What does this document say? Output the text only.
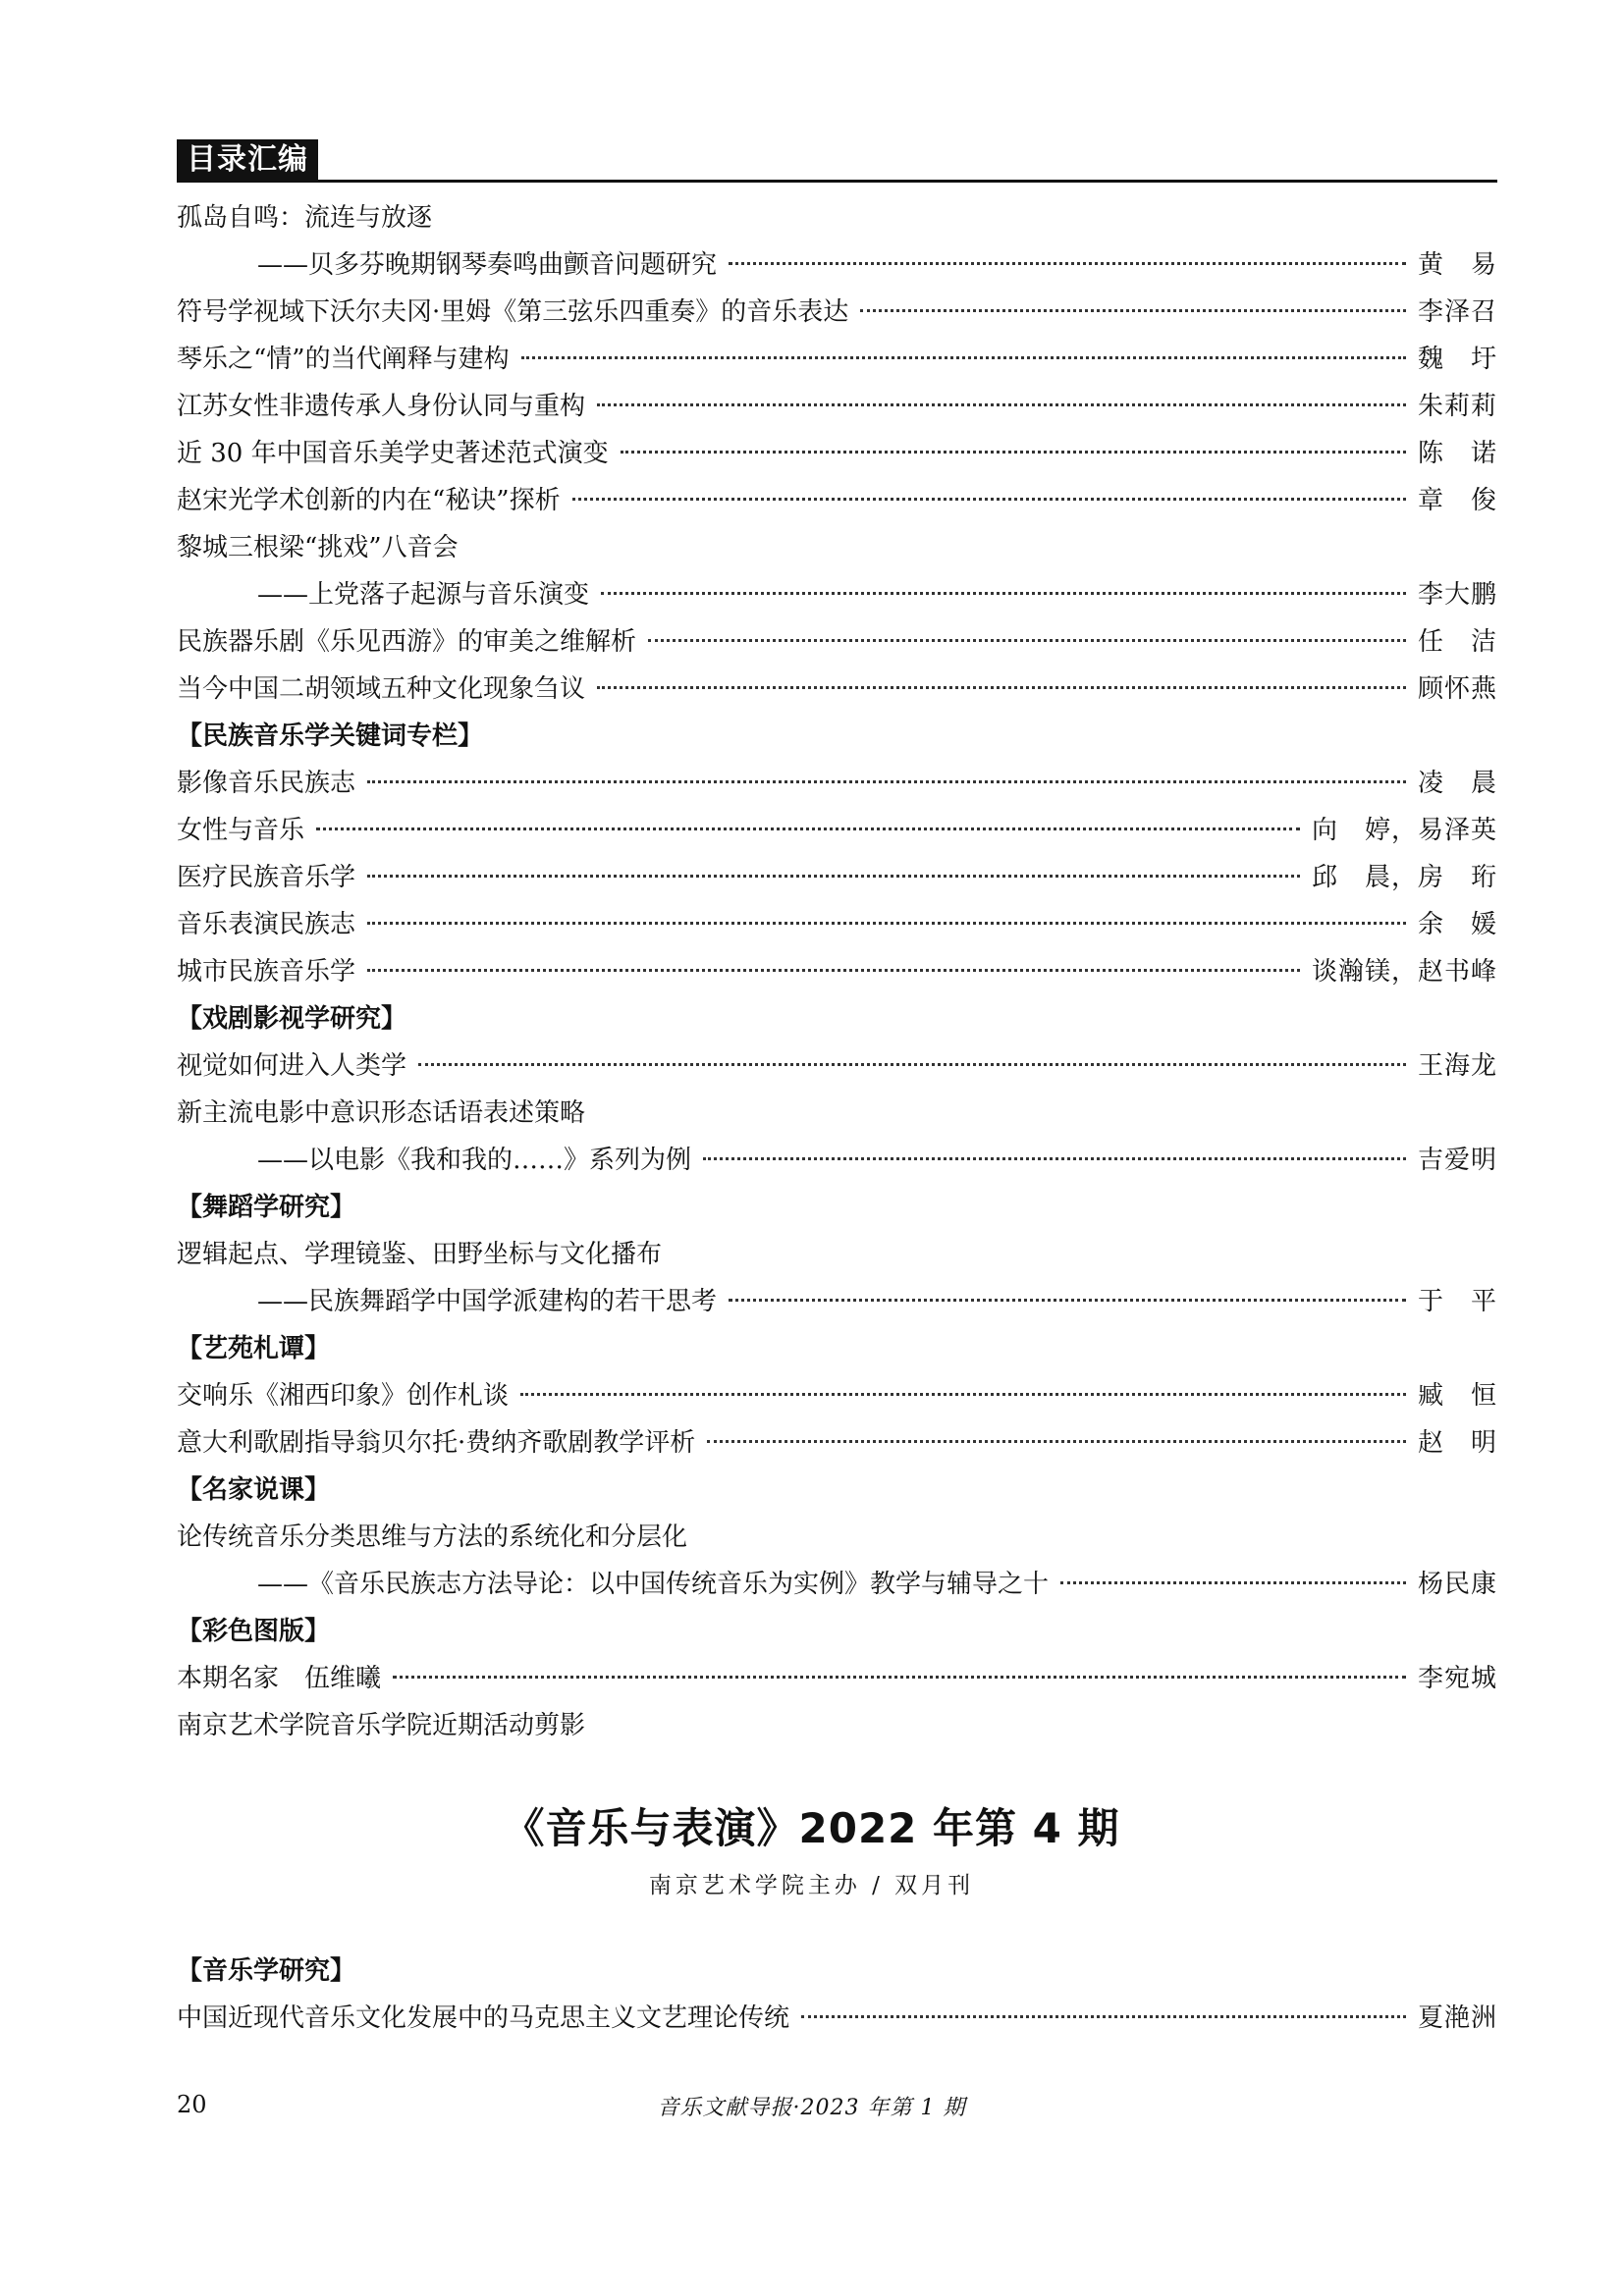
目录汇编
孤岛自鸣：流连与放逐
——贝多芬晚期钢琴奏鸣曲颤音问题研究	黄　易
符号学视域下沃尔夫冈·里姆《第三弦乐四重奏》的音乐表达	李泽召
琴乐之“情”的当代阐释与建构	魏　圩
江苏女性非遗传承人身份认同与重构	朱莉莉
近 30 年中国音乐美学史著述范式演变	陈　诺
赵宋光学术创新的内在“秘诀”探析	章　俊
黎城三根梁“挑戏”八音会
——上党落子起源与音乐演变	李大鹏
民族器乐剧《乐见西游》的审美之维解析	任　洁
当今中国二胡领域五种文化现象刍议	顾怀燕
【民族音乐学关键词专栏】
影像音乐民族志	凌　晨
女性与音乐	向　婷，易泽英
医疗民族音乐学	邱　晨，房　珩
音乐表演民族志	余　媛
城市民族音乐学	谈瀚镁，赵书峰
【戏剧影视学研究】
视觉如何进入人类学	王海龙
新主流电影中意识形态话语表述策略
——以电影《我和我的……》系列为例	吉爱明
【舞蹈学研究】
逻辑起点、学理镜鉴、田野坐标与文化播布
——民族舞蹈学中国学派建构的若干思考	于　平
【艺苑札谭】
交响乐《湘西印象》创作札谈	臧　恒
意大利歌剧指导翁贝尔托·费纳齐歌剧教学评析	赵　明
【名家说课】
论传统音乐分类思维与方法的系统化和分层化
——《音乐民族志方法导论：以中国传统音乐为实例》教学与辅导之十	杨民康
【彩色图版】
本期名家　伍维曦	李宛城
南京艺术学院音乐学院近期活动剪影
《音乐与表演》2022 年第 4 期
南京艺术学院主办 / 双月刊
【音乐学研究】
中国近现代音乐文化发展中的马克思主义文艺理论传统	夏滟洲
20	音乐文献导报·2023 年第 1 期
